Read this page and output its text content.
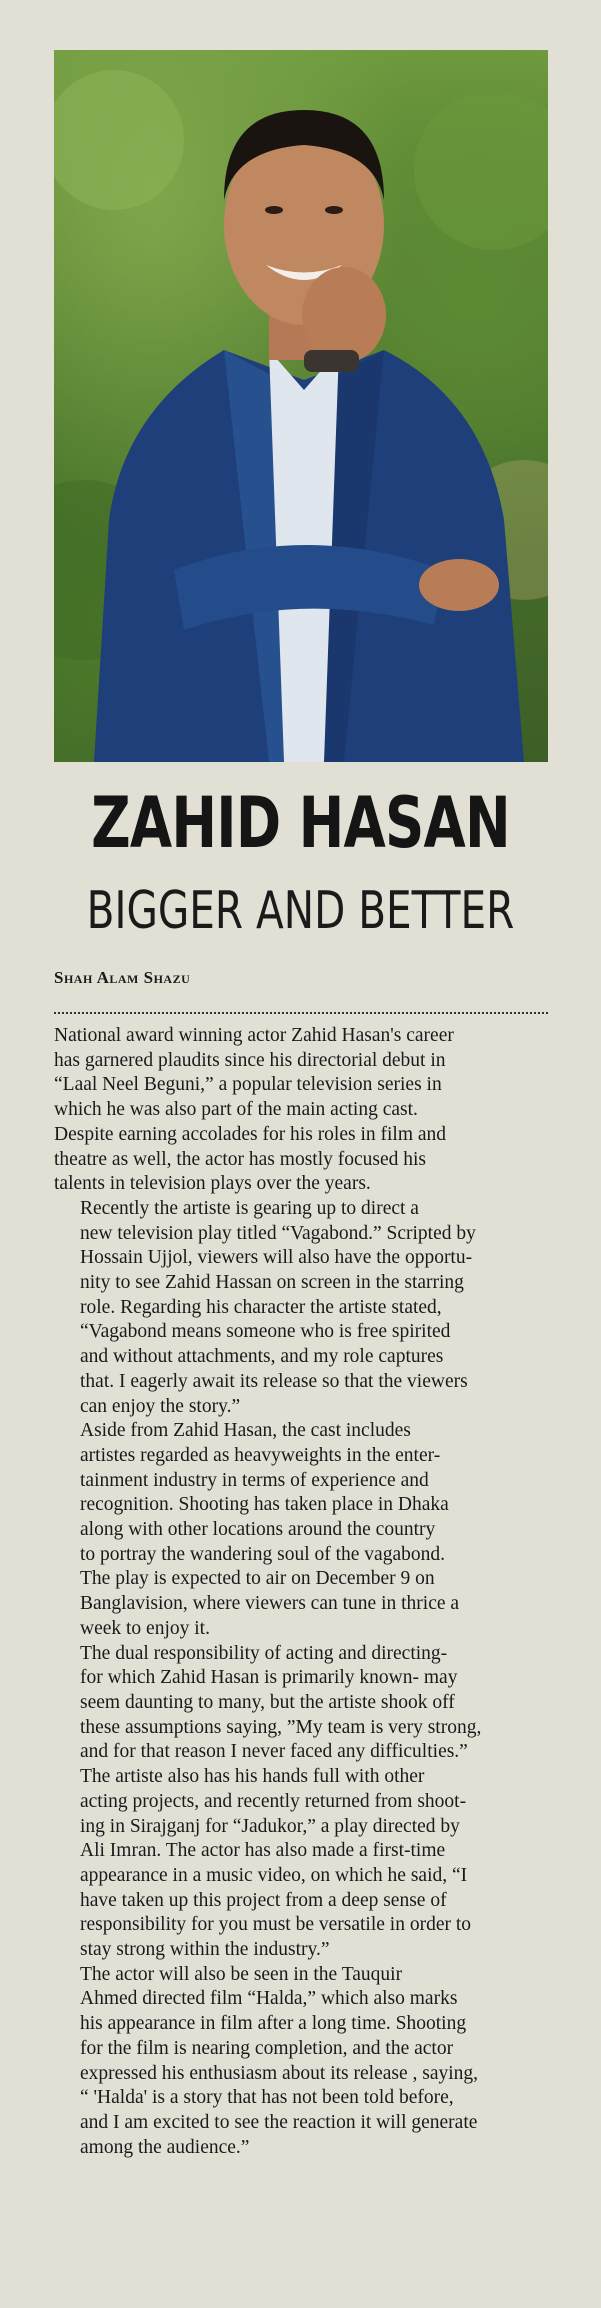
ZAHID HASAN
BIGGER AND BETTER

Shah Alam Shazu

National award winning actor Zahid Hasan's career
has garnered plaudits since his directorial debut in
“Laal Neel Beguni,” a popular television series in
which he was also part of the main acting cast.
Despite earning accolades for his roles in film and
theatre as well, the actor has mostly focused his
talents in television plays over the years.

Recently the artiste is gearing up to direct a
new television play titled “Vagabond.” Scripted by
Hossain Ujjol, viewers will also have the opportu-
nity to see Zahid Hassan on screen in the starring
role. Regarding his character the artiste stated,
“Vagabond means someone who is free spirited
and without attachments, and my role captures
that. I eagerly await its release so that the viewers
can enjoy the story.”

Aside from Zahid Hasan, the cast includes
artistes regarded as heavyweights in the enter-
tainment industry in terms of experience and
recognition. Shooting has taken place in Dhaka
along with other locations around the country
to portray the wandering soul of the vagabond.
The play is expected to air on December 9 on
Banglavision, where viewers can tune in thrice a
week to enjoy it.

The dual responsibility of acting and directing-
for which Zahid Hasan is primarily known- may
seem daunting to many, but the artiste shook off
these assumptions saying, ”My team is very strong,
and for that reason I never faced any difficulties.”

The artiste also has his hands full with other
acting projects, and recently returned from shoot-
ing in Sirajganj for “Jadukor,” a play directed by
Ali Imran. The actor has also made a first-time
appearance in a music video, on which he said, “I
have taken up this project from a deep sense of
responsibility for you must be versatile in order to
stay strong within the industry.”

The actor will also be seen in the Tauquir
Ahmed directed film “Halda,” which also marks
his appearance in film after a long time. Shooting
for the film is nearing completion, and the actor
expressed his enthusiasm about its release , saying,
“ 'Halda' is a story that has not been told before,
and I am excited to see the reaction it will generate
among the audience.”
